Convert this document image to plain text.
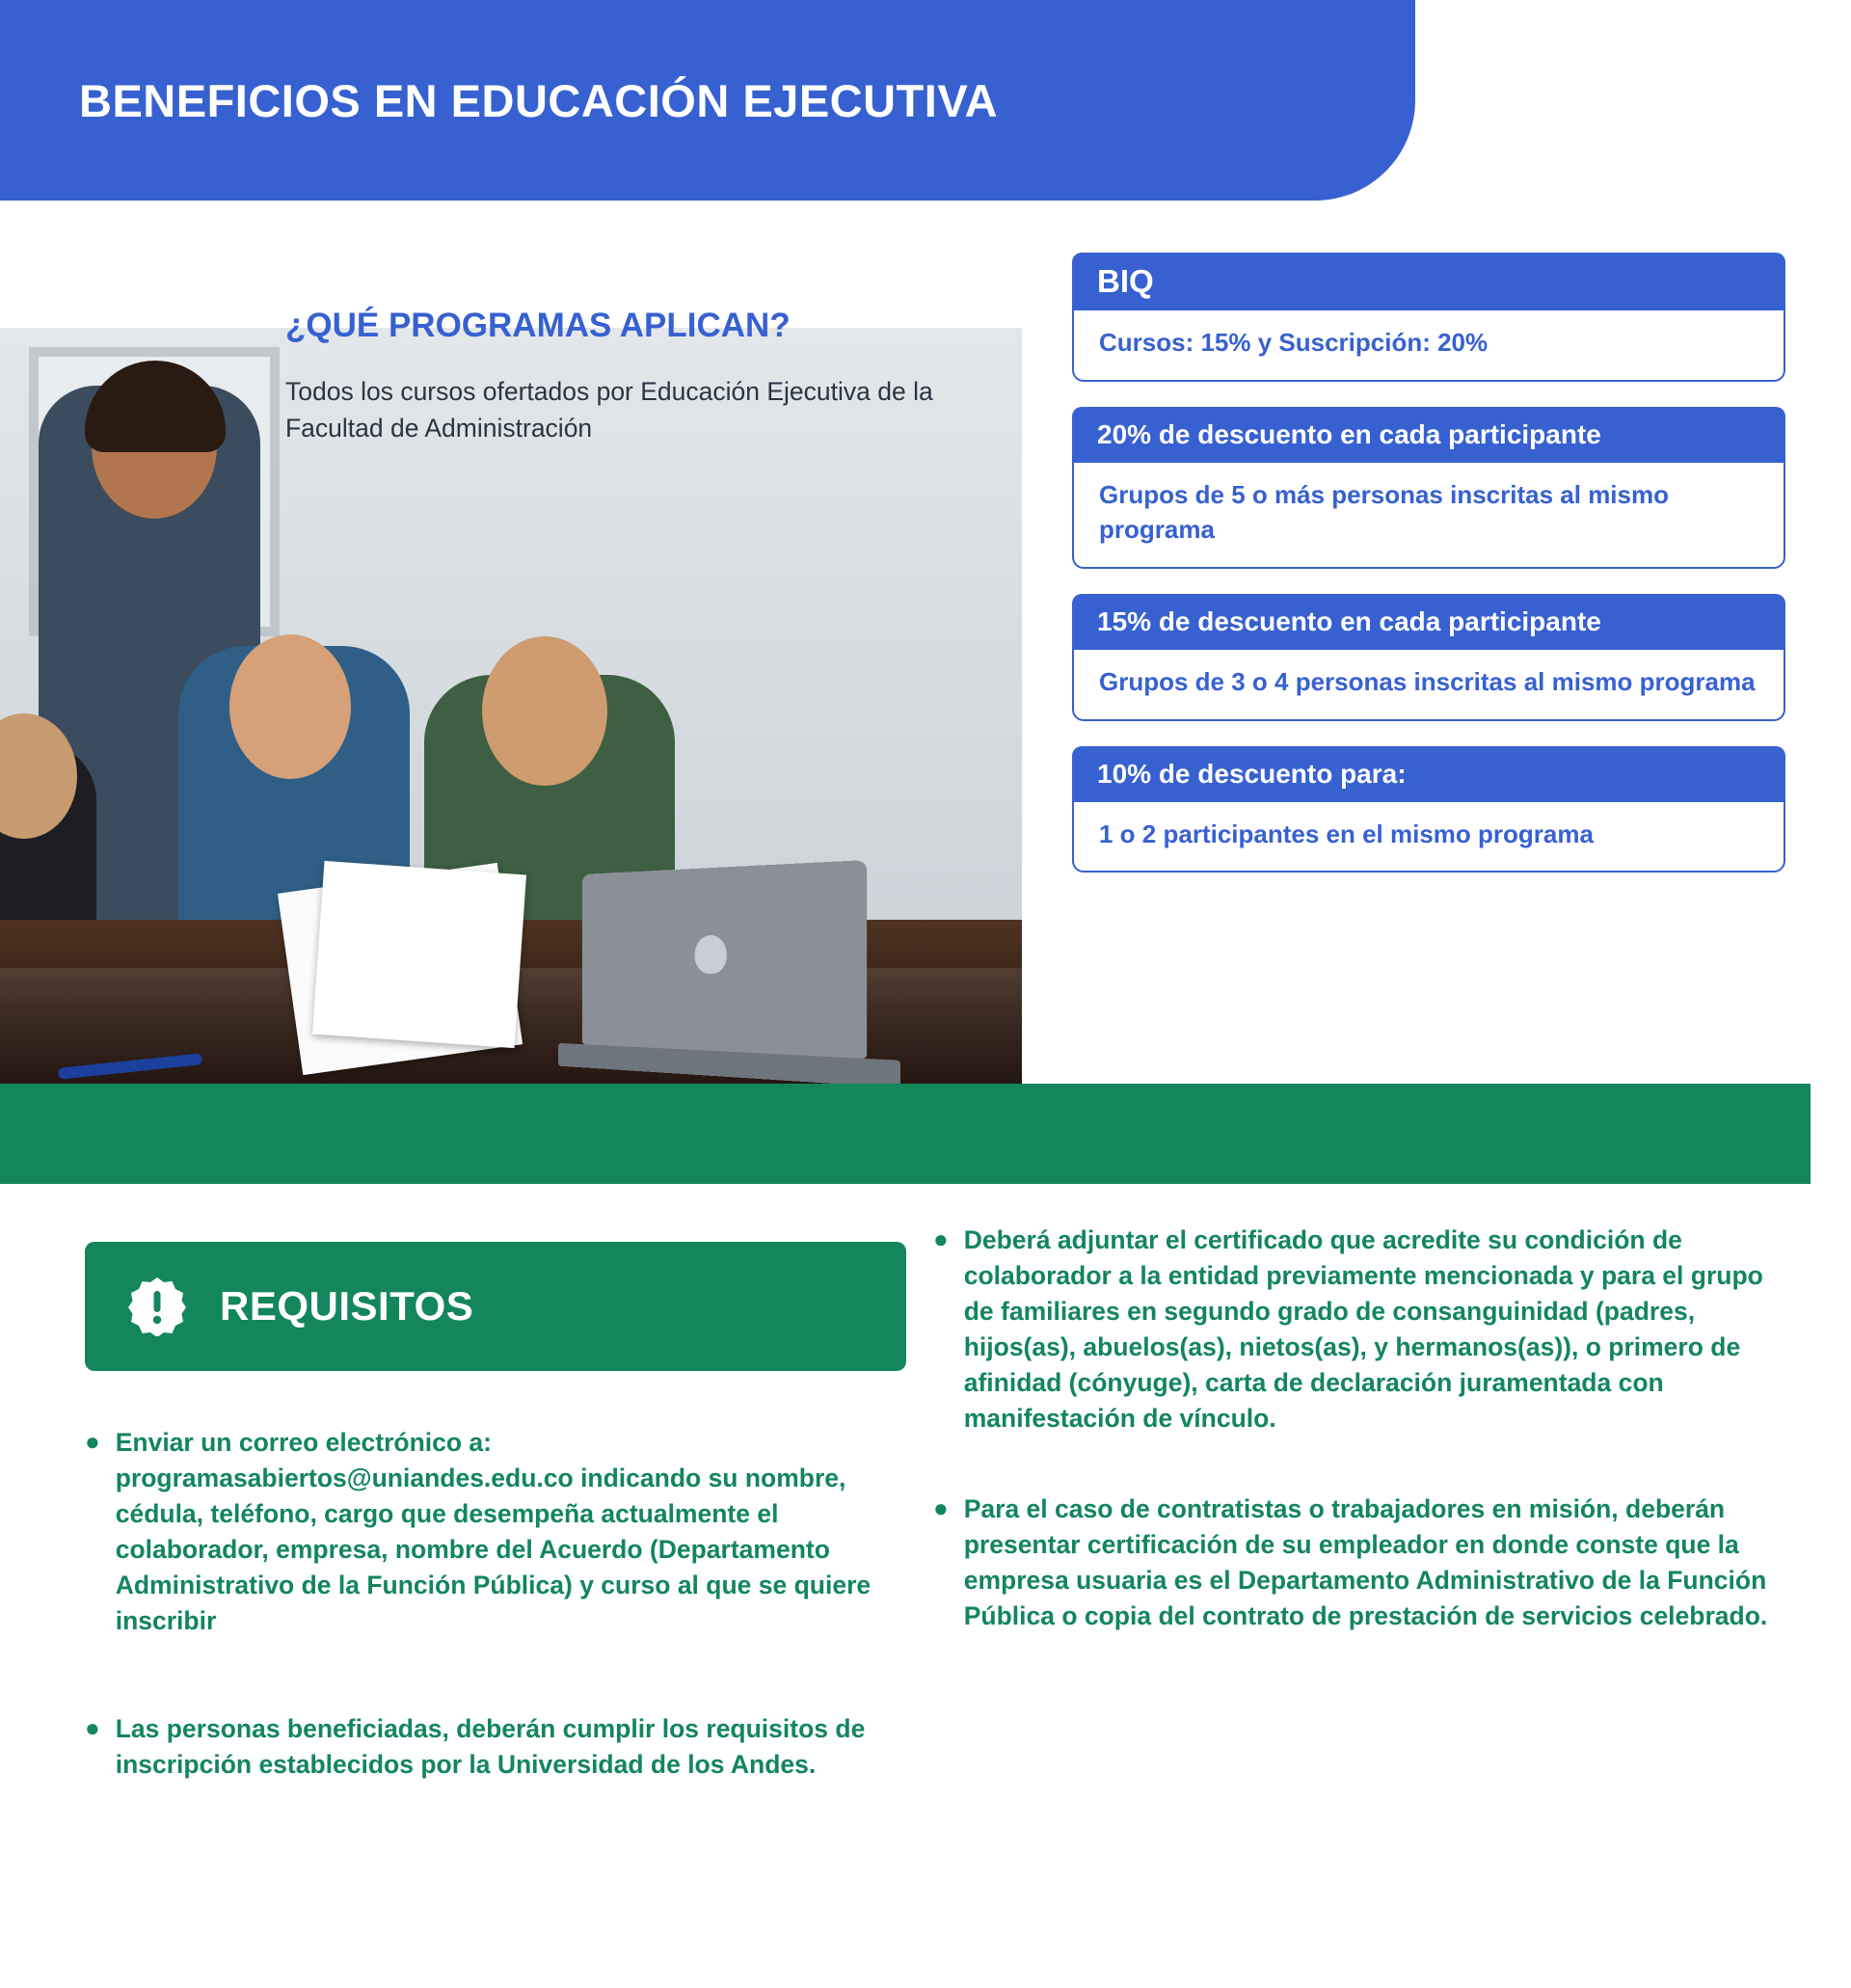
BENEFICIOS EN EDUCACIÓN EJECUTIVA
¿QUÉ PROGRAMAS APLICAN?
Todos los cursos ofertados por Educación Ejecutiva de la Facultad de Administración
BIQ
Cursos: 15% y Suscripción: 20%
20% de descuento en cada participante
Grupos de 5 o más personas inscritas al mismo programa
15% de descuento en cada participante
Grupos de 3 o 4 personas inscritas al mismo programa
10% de descuento para:
1 o 2 participantes en el mismo programa
REQUISITOS
● Enviar un correo electrónico a: programasabiertos@uniandes.edu.co indicando su nombre, cédula, teléfono, cargo que desempeña actualmente el colaborador, empresa, nombre del Acuerdo (Departamento Administrativo de la Función Pública) y curso al que se quiere inscribir
● Las personas beneficiadas, deberán cumplir los requisitos de inscripción establecidos por la Universidad de los Andes.
● Deberá adjuntar el certificado que acredite su condición de colaborador a la entidad previamente mencionada y para el grupo de familiares en segundo grado de consanguinidad (padres, hijos(as), abuelos(as), nietos(as), y hermanos(as)), o primero de afinidad (cónyuge), carta de declaración juramentada con manifestación de vínculo.
● Para el caso de contratistas o trabajadores en misión, deberán presentar certificación de su empleador en donde conste que la empresa usuaria es el Departamento Administrativo de la Función Pública o copia del contrato de prestación de servicios celebrado.
